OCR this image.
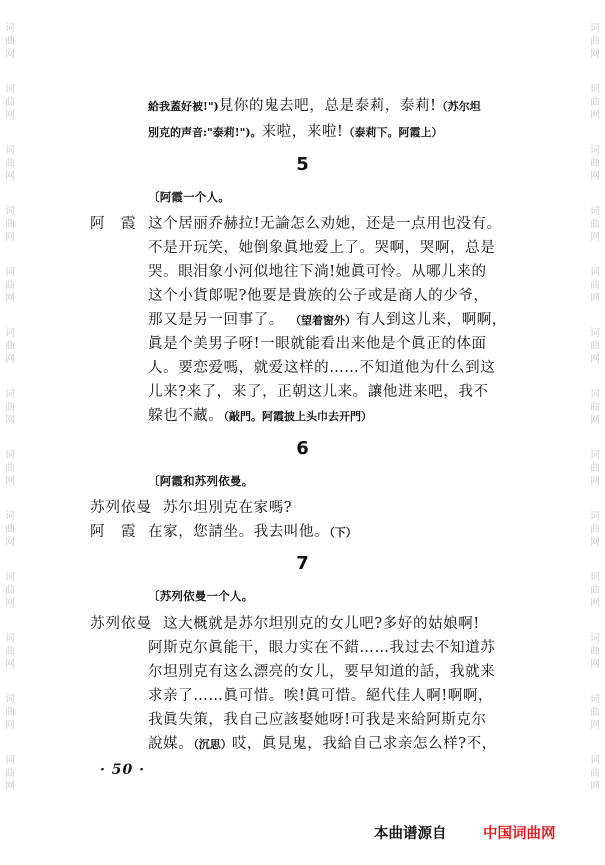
词
曲
网
词
曲
网
词
曲
网
词
曲
网
词
曲
网
词
曲
网
词
曲
网
词
曲
网
词
曲
网
词
曲
网
词
曲
网
词
曲
网
词
曲
网
词
曲
网
词
曲
网
词
曲
网
词
曲
网
词
曲
网
词
曲
网
词
曲
网
词
曲
网
词
曲
网
词
曲
网
词
曲
网
词
曲
网
词
曲
网
給我蓋好被!")見你的鬼去吧，总是泰莉，泰莉!（苏尔坦
別克的声音:"泰莉!")。来啦，来啦!（泰莉下。阿霞上）
5
〔阿霞一个人。
阿　霞 这个居丽乔赫拉!无論怎么劝她，还是一点用也没有。
不是开玩笑，她倒象眞地爱上了。哭啊，哭啊，总是
哭。眼泪象小河似地往下淌!她眞可怜。从哪儿来的
这个小貨郞呢?他要是貴族的公子或是商人的少爷，
那又是另一回事了。 （望着窗外）有人到这儿来，啊啊，
眞是个美男子呀!一眼就能看出来他是个眞正的体面
人。要恋爱嗎，就爱这样的……不知道他为什么到这
儿来?来了，来了，正朝这儿来。讓他进来吧，我不
躱也不藏。（敲門。阿霞披上头巾去开門）
6
〔阿霞和苏列依曼。
苏列依曼 苏尔坦別克在家嗎?
阿　霞 在家，您請坐。我去叫他。（下）
7
〔苏列依曼一个人。
苏列依曼 这大概就是苏尔坦別克的女儿吧?多好的姑娘啊!
阿斯克尔眞能干，眼力实在不錯……我过去不知道苏
尔坦別克有这么漂亮的女儿，要早知道的話，我就来
求亲了……眞可惜。唉!眞可惜。絕代佳人啊!啊啊，
我眞失策，我自己应該娶她呀!可我是来給阿斯克尔
說媒。（沉思）哎，眞見鬼，我給自己求亲怎么样?不，
· 50 ·
本曲谱源自	中国词曲网
